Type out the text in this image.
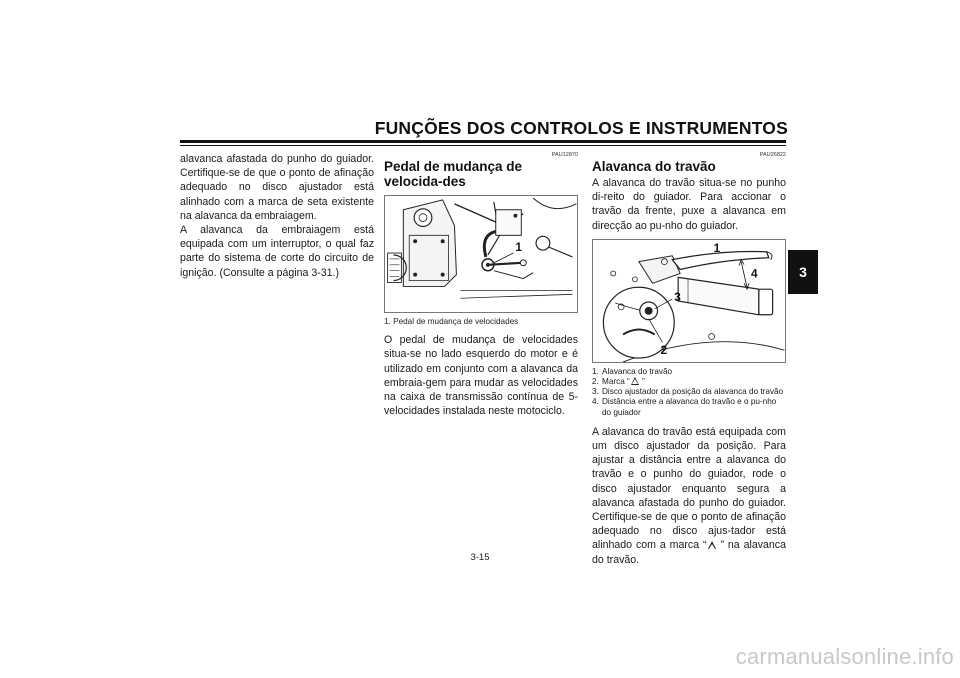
FUNÇÕES DOS CONTROLOS E INSTRUMENTOS
3

alavanca afastada do punho do guiador. Certifique-se de que o ponto de afinação adequado no disco ajustador está alinhado com a marca de seta existente na alavanca da embraiagem.

A alavanca da embraiagem está equipada com um interruptor, o qual faz parte do sistema de corte do circuito de ignição. (Consulte a página 3-31.)

PAU12870
Pedal de mudança de velocida-des
1
1. Pedal de mudança de velocidades

O pedal de mudança de velocidades situa-se no lado esquerdo do motor e é utilizado em conjunto com a alavanca da embraia-gem para mudar as velocidades na caixa de transmissão contínua de 5-velocidades instalada neste motociclo.

PAU26822
Alavanca do travão

A alavanca do travão situa-se no punho di-reito do guiador. Para accionar o travão da frente, puxe a alavanca em direcção ao pu-nho do guiador.

1
4
3
2
1. Alavanca do travão
2. Marca “ ”
3. Disco ajustador da posição da alavanca do travão
4. Distância entre a alavanca do travão e o pu-nho do guiador

A alavanca do travão está equipada com um disco ajustador da posição. Para ajustar a distância entre a alavanca do travão e o punho do guiador, rode o disco ajustador enquanto segura a alavanca afastada do punho do guiador. Certifique-se de que o ponto de afinação adequado no disco ajus-tador está alinhado com a marca “ ” na alavanca do travão.

3-15
carmanualsonline.info
